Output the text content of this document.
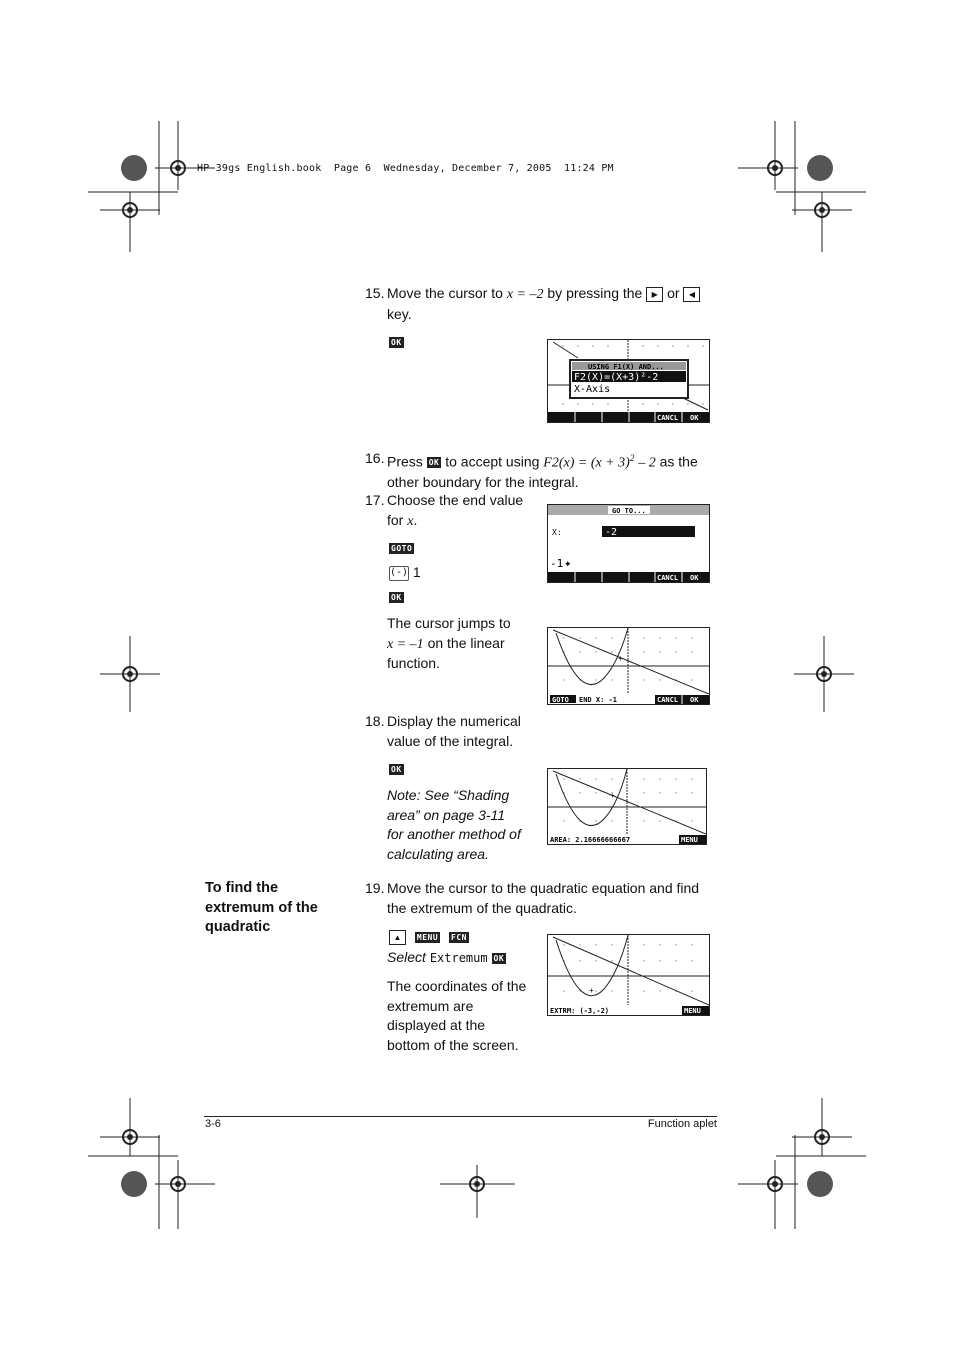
HP 39gs English.book  Page 6  Wednesday, December 7, 2005  11:24 PM
15. Move the cursor to x = –2 by pressing the ▶ or ◀
key.
OK
USING F1(X) AND...
F2(X)=(X+3)²-2
X-Axis
CANCL OK
16. Press OK to accept using $F2(x) = (x + 3)^2 - 2$ as the
other boundary for the integral.
17. Choose the end value
for x.
GOTO
(-) 1
OK
The cursor jumps to
x = –1 on the linear
function.
GO TO...
X:	-2
-1 ✦
CANCL OK
+
GOTO END X: -1	CANCL OK
18. Display the numerical
value of the integral.
OK
Note: See “Shading
area” on page 3-11
for another method of
calculating area.
+
AREA: 2.16666666667	MENU
To find the
extremum of the
quadratic
19. Move the cursor to the quadratic equation and find
the extremum of the quadratic.
▲ MENU FCN
Select Extremum OK
The coordinates of the
extremum are
displayed at the
bottom of the screen.
+
EXTRM: (-3,-2)	MENU
3-6	Function aplet
